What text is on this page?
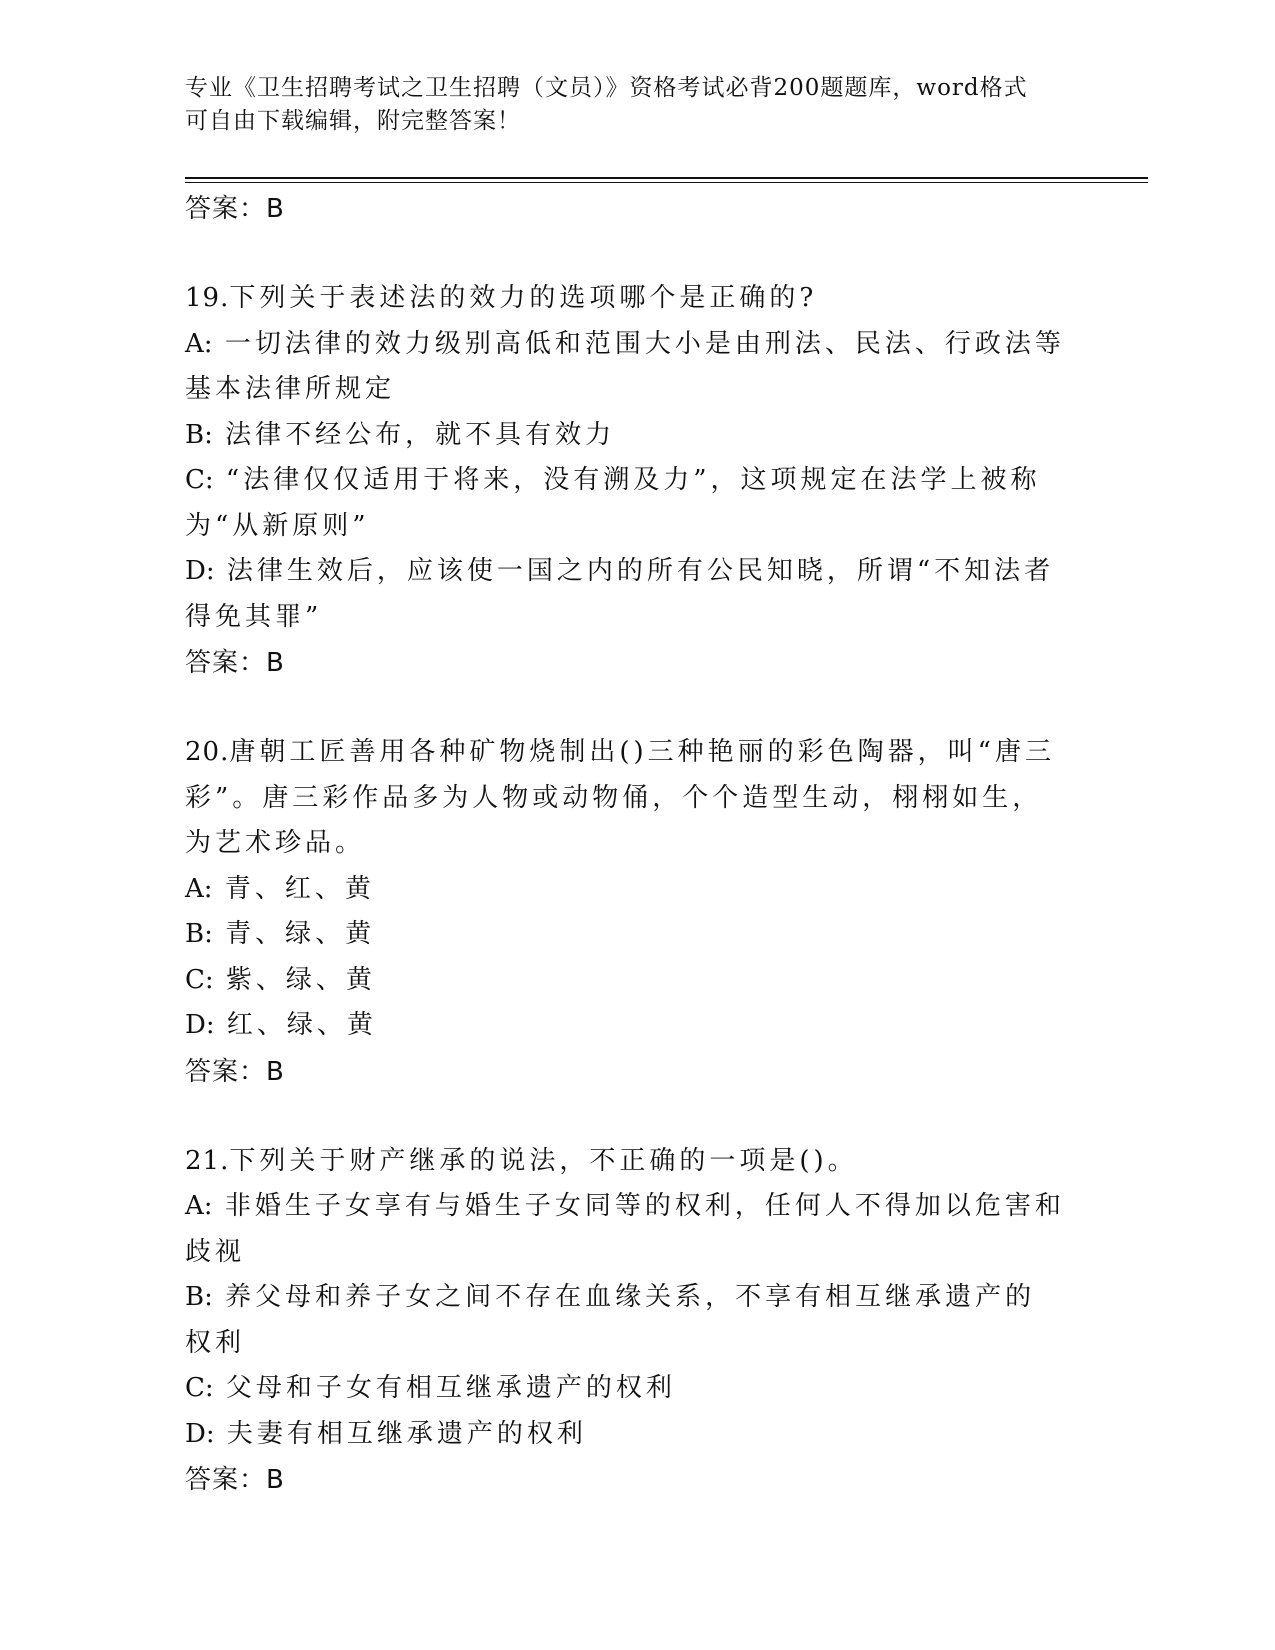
专业《卫生招聘考试之卫生招聘（文员）》资格考试必背200题题库，word格式
可自由下载编辑，附完整答案！

答案：B

19.下列关于表述法的效力的选项哪个是正确的?

A: 一切法律的效力级别高低和范围大小是由刑法、民法、行政法等基本法律所规定

B: 法律不经公布，就不具有效力

C: “法律仅仅适用于将来，没有溯及力”，这项规定在法学上被称为“从新原则”

D: 法律生效后，应该使一国之内的所有公民知晓，所谓“不知法者得免其罪”

答案：B

20.唐朝工匠善用各种矿物烧制出()三种艳丽的彩色陶器，叫“唐三彩”。唐三彩作品多为人物或动物俑，个个造型生动，栩栩如生，为艺术珍品。

A: 青、红、黄

B: 青、绿、黄

C: 紫、绿、黄

D: 红、绿、黄

答案：B

21.下列关于财产继承的说法，不正确的一项是()。

A: 非婚生子女享有与婚生子女同等的权利，任何人不得加以危害和歧视

B: 养父母和养子女之间不存在血缘关系，不享有相互继承遗产的权利

C: 父母和子女有相互继承遗产的权利

D: 夫妻有相互继承遗产的权利

答案：B
